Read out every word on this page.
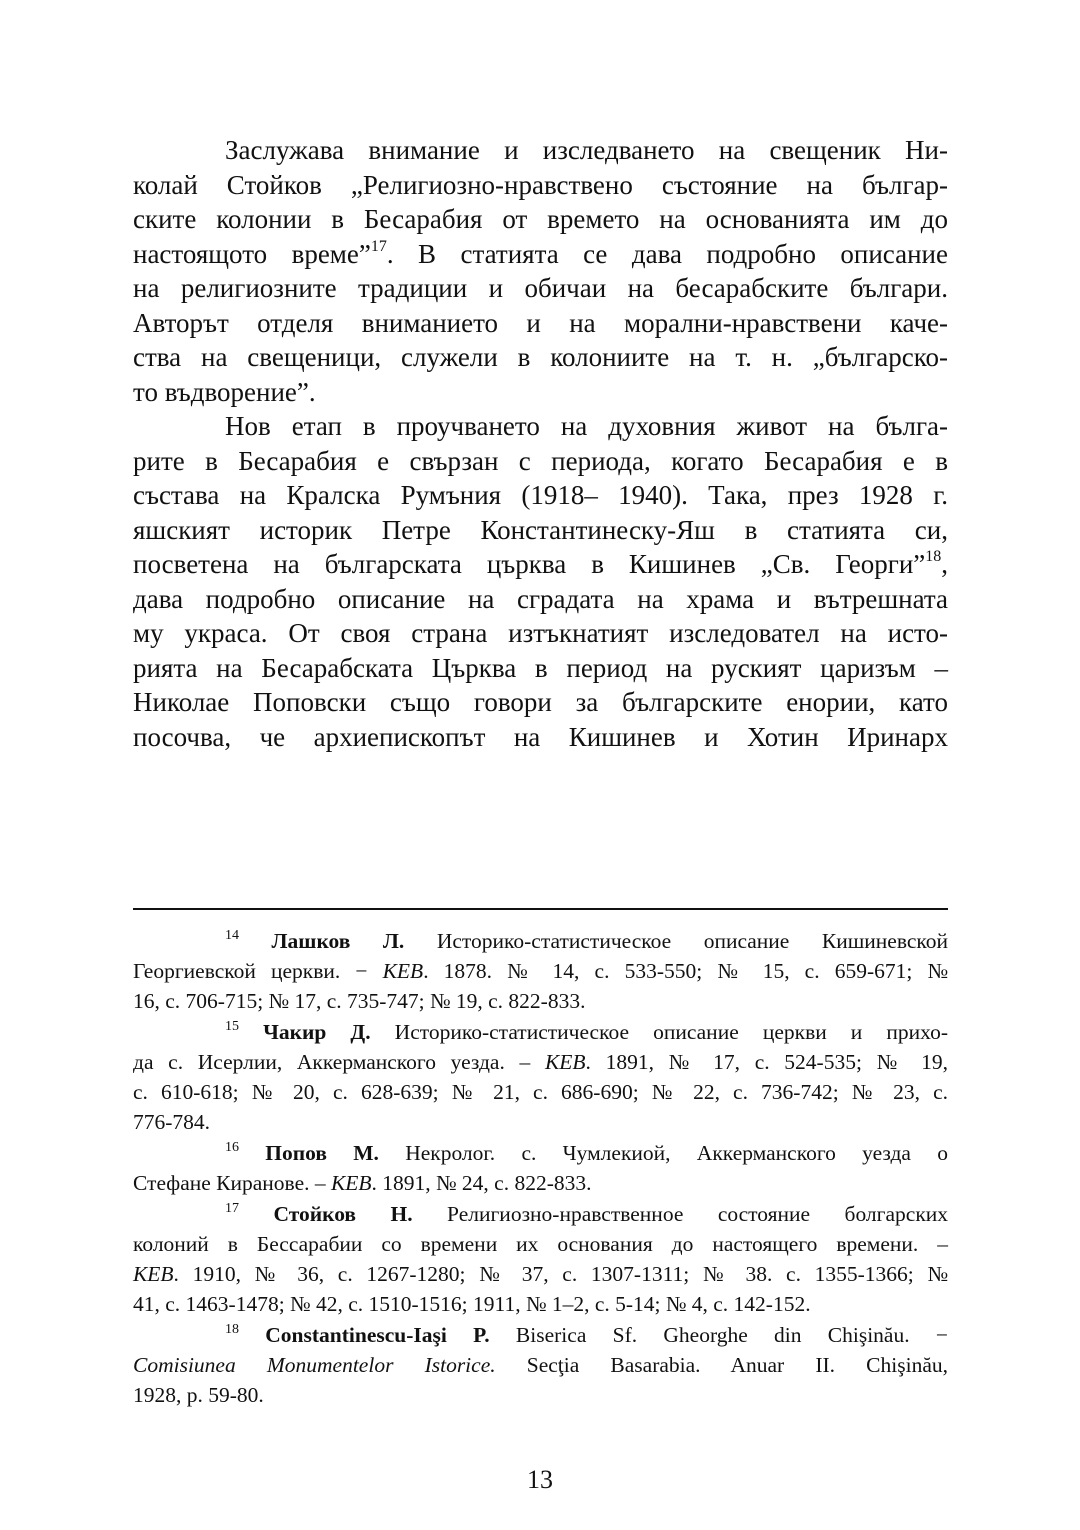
Заслужава внимание и изследването на свещеник Ни-
колай Стойков „Религиозно-нравствено състояние на българ-
ските колонии в Бесарабия от времето на основанията им до
настоящото време”$^{17}$. В статията се дава подробно описание
на религиозните традиции и обичаи на бесарабските българи.
Авторът отделя вниманието и на морални-нравствени каче-
ства на свещеници, служели в колониите на т. н. „българско-
то въдворение”.

Нов етап в проучването на духовния живот на бълга-
рите в Бесарабия е свързан с периода, когато Бесарабия е в
състава на Кралска Румъния (1918– 1940). Така, през 1928 г.
яшският историк Петре Константинеску-Яш в статията си,
посветена на българската църква в Кишинев „Св. Георги”$^{18}$,
дава подробно описание на сградата на храма и вътрешната
му украса. От своя страна изтъкнатият изследовател на исто-
рията на Бесарабската Църква в период на руският царизъм –
Николае Поповски също говори за българските енории, като
посочва, че архиепископът на Кишинев и Хотин Иринарх

$^{14}$ Лашков Л. Историко-статистическое описание Кишиневской
Георгиевской церкви. − КЕВ. 1878. № 14, с. 533-550; № 15, с. 659-671; №
16, с. 706-715; № 17, с. 735-747; № 19, с. 822-833.
$^{15}$ Чакир Д. Историко-статистическое описание церкви и прихо-
да с. Исерлии, Аккерманского уезда. – КЕВ. 1891, № 17, с. 524-535; № 19,
с. 610-618; № 20, с. 628-639; № 21, с. 686-690; № 22, с. 736-742; № 23, с.
776-784.
$^{16}$ Попов М. Некролог. с. Чумлекиой, Аккерманского уезда о
Стефане Киранове. – КЕВ. 1891, № 24, с. 822-833.
$^{17}$ Стойков Н. Религиозно-нравственное состояние болгарских
колоний в Бессарабии со времени их основания до настоящего времени. –
КЕВ. 1910, № 36, с. 1267-1280; № 37, с. 1307-1311; № 38. с. 1355-1366; №
41, с. 1463-1478; № 42, с. 1510-1516; 1911, № 1–2, с. 5-14; № 4, с. 142-152.
$^{18}$ Constantinescu-Iaşi P. Biserica Sf. Gheorghe din Chişinău. −
Comisiunea Monumentelor Istorice. Secţia Basarabia. Anuar II. Chişinău,
1928, p. 59-80.
13
